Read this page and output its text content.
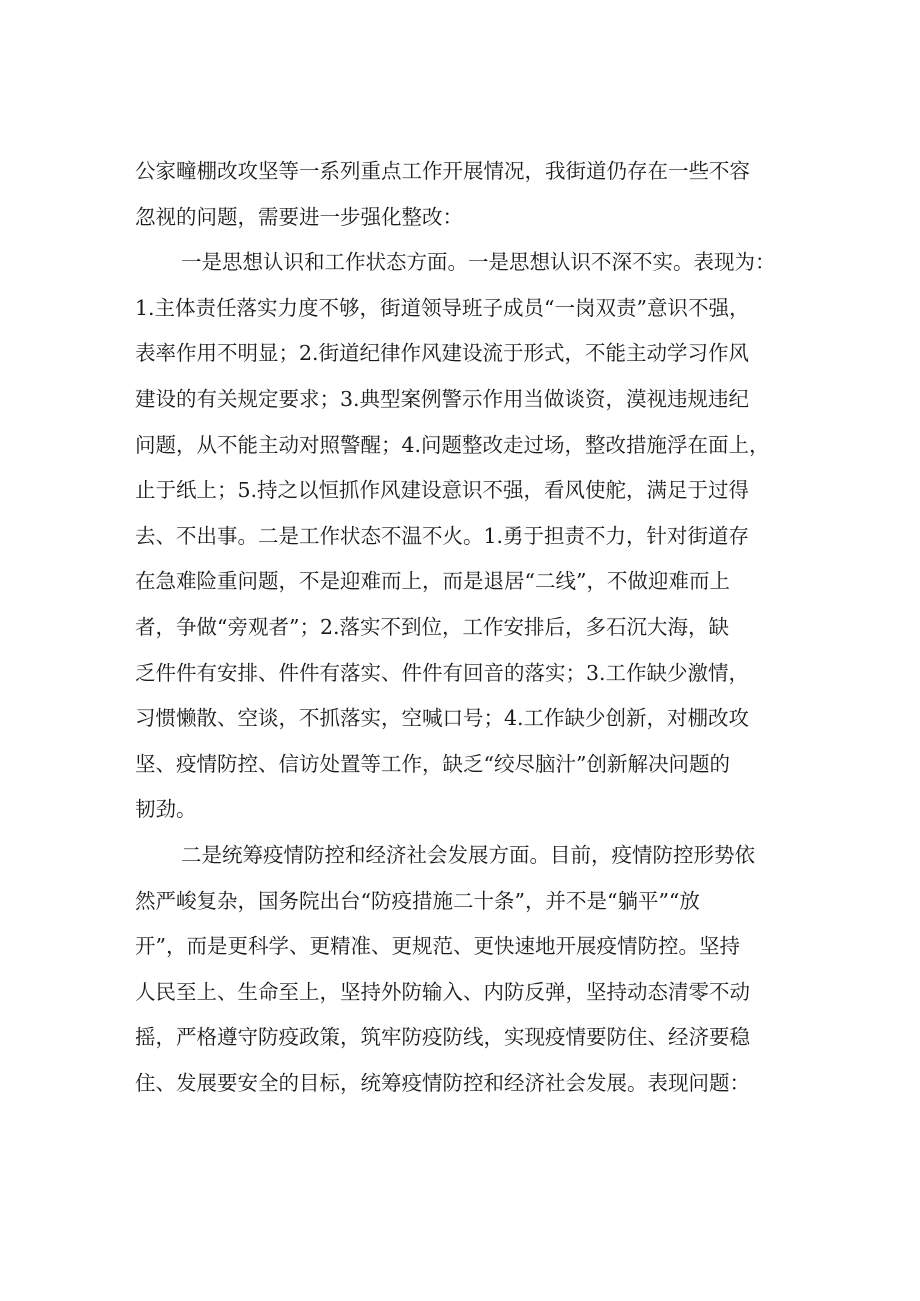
公家疃棚改攻坚等一系列重点工作开展情况，我街道仍存在一些不容
忽视的问题，需要进一步强化整改：
一是思想认识和工作状态方面。一是思想认识不深不实。表现为：
1.主体责任落实力度不够，街道领导班子成员“一岗双责”意识不强，
表率作用不明显；2.街道纪律作风建设流于形式，不能主动学习作风
建设的有关规定要求；3.典型案例警示作用当做谈资，漠视违规违纪
问题，从不能主动对照警醒；4.问题整改走过场，整改措施浮在面上，
止于纸上；5.持之以恒抓作风建设意识不强，看风使舵，满足于过得
去、不出事。二是工作状态不温不火。1.勇于担责不力，针对街道存
在急难险重问题，不是迎难而上，而是退居“二线”，不做迎难而上
者，争做“旁观者”；2.落实不到位，工作安排后，多石沉大海，缺
乏件件有安排、件件有落实、件件有回音的落实；3.工作缺少激情，
习惯懒散、空谈，不抓落实，空喊口号；4.工作缺少创新，对棚改攻
坚、疫情防控、信访处置等工作，缺乏“绞尽脑汁”创新解决问题的
韧劲。
二是统筹疫情防控和经济社会发展方面。目前，疫情防控形势依
然严峻复杂，国务院出台“防疫措施二十条”，并不是“躺平”“放
开”，而是更科学、更精准、更规范、更快速地开展疫情防控。坚持
人民至上、生命至上，坚持外防输入、内防反弹，坚持动态清零不动
摇，严格遵守防疫政策，筑牢防疫防线，实现疫情要防住、经济要稳
住、发展要安全的目标，统筹疫情防控和经济社会发展。表现问题：
